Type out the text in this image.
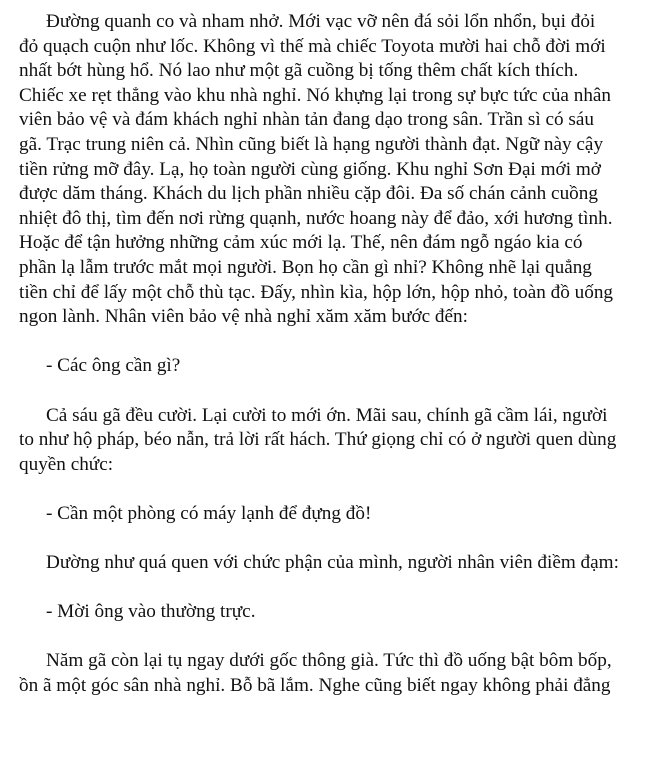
Đường quanh co và nham nhở. Mới vạc vỡ nên đá sỏi lổn nhổn, bụi đỏi
đỏ quạch cuộn như lốc. Không vì thế mà chiếc Toyota mười hai chỗ đời mới
nhất bớt hùng hổ. Nó lao như một gã cuồng bị tống thêm chất kích thích.
Chiếc xe rẹt thẳng vào khu nhà nghỉ. Nó khựng lại trong sự bực tức của nhân
viên bảo vệ và đám khách nghỉ nhàn tản đang dạo trong sân. Trần sì có sáu
gã. Trạc trung niên cả. Nhìn cũng biết là hạng người thành đạt. Ngữ này cậy
tiền rửng mỡ đây. Lạ, họ toàn người cùng giống. Khu nghỉ Sơn Đại mới mở
được dăm tháng. Khách du lịch phần nhiều cặp đôi. Đa số chán cảnh cuồng
nhiệt đô thị, tìm đến nơi rừng quạnh, nước hoang này để đảo, xới hương tình.
Hoặc để tận hưởng những cảm xúc mới lạ. Thế, nên đám ngỗ ngáo kia có
phần lạ lẫm trước mắt mọi người. Bọn họ cần gì nhỉ? Không nhẽ lại quẳng
tiền chỉ để lấy một chỗ thù tạc. Đấy, nhìn kìa, hộp lớn, hộp nhỏ, toàn đồ uống
ngon lành. Nhân viên bảo vệ nhà nghỉ xăm xăm bước đến:

- Các ông cần gì?

Cả sáu gã đều cười. Lại cười to mới ớn. Mãi sau, chính gã cầm lái, người
to như hộ pháp, béo nẫn, trả lời rất hách. Thứ giọng chỉ có ở người quen dùng
quyền chức:

- Cần một phòng có máy lạnh để đựng đồ!

Dường như quá quen với chức phận của mình, người nhân viên điềm đạm:

- Mời ông vào thường trực.

Năm gã còn lại tụ ngay dưới gốc thông già. Tức thì đồ uống bật bôm bốp,
ồn ã một góc sân nhà nghỉ. Bỗ bã lắm. Nghe cũng biết ngay không phải đẳng
